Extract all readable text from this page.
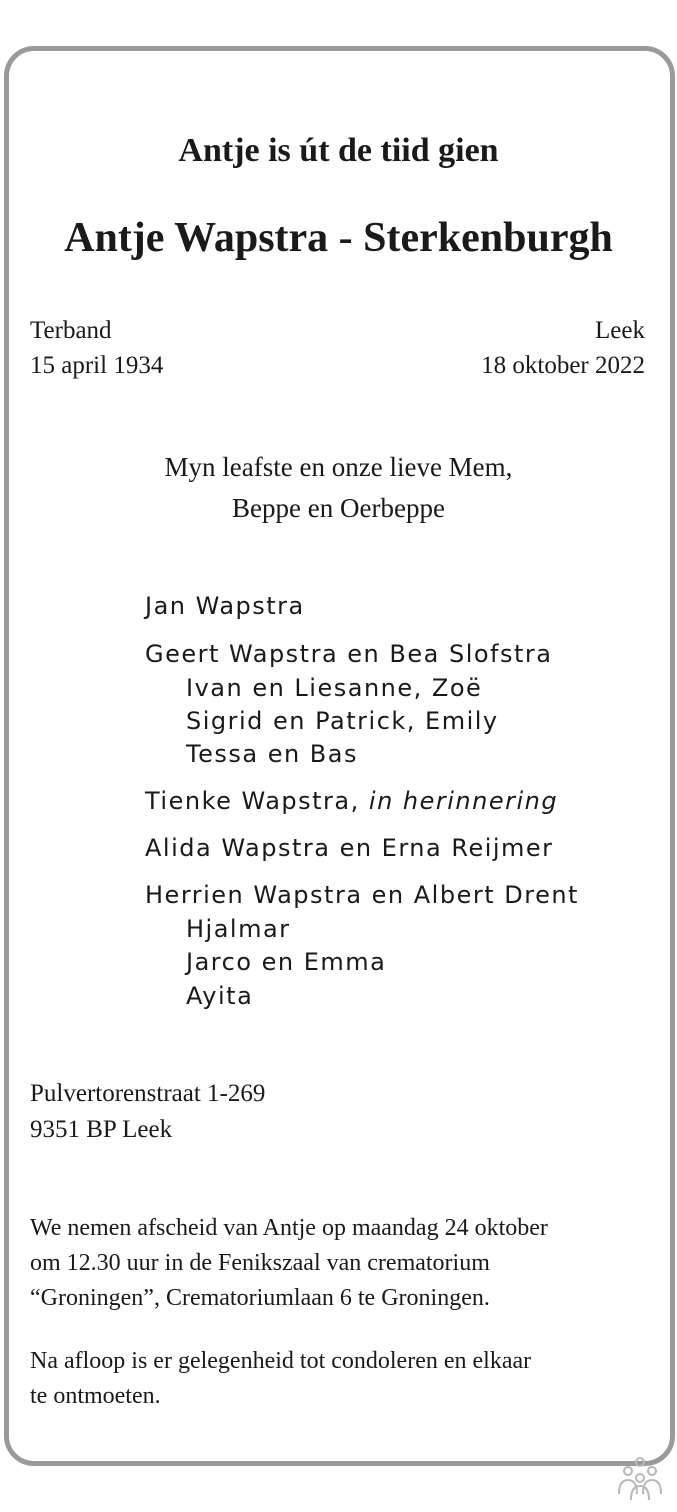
Antje is út de tiid gien
Antje Wapstra - Sterkenburgh
Terband
15 april 1934
Leek
18 oktober 2022
Myn leafste en onze lieve Mem,
Beppe en Oerbeppe
Jan Wapstra
Geert Wapstra en Bea Slofstra
Ivan en Liesanne, Zoë
Sigrid en Patrick, Emily
Tessa en Bas
Tienke Wapstra, in herinnering
Alida Wapstra en Erna Reijmer
Herrien Wapstra en Albert Drent
Hjalmar
Jarco en Emma
Ayita
Pulvertorenstraat 1-269
9351 BP Leek
We nemen afscheid van Antje op maandag 24 oktober
om 12.30 uur in de Fenikszaal van crematorium
“Groningen”, Crematoriumlaan 6 te Groningen.
Na afloop is er gelegenheid tot condoleren en elkaar
te ontmoeten.
